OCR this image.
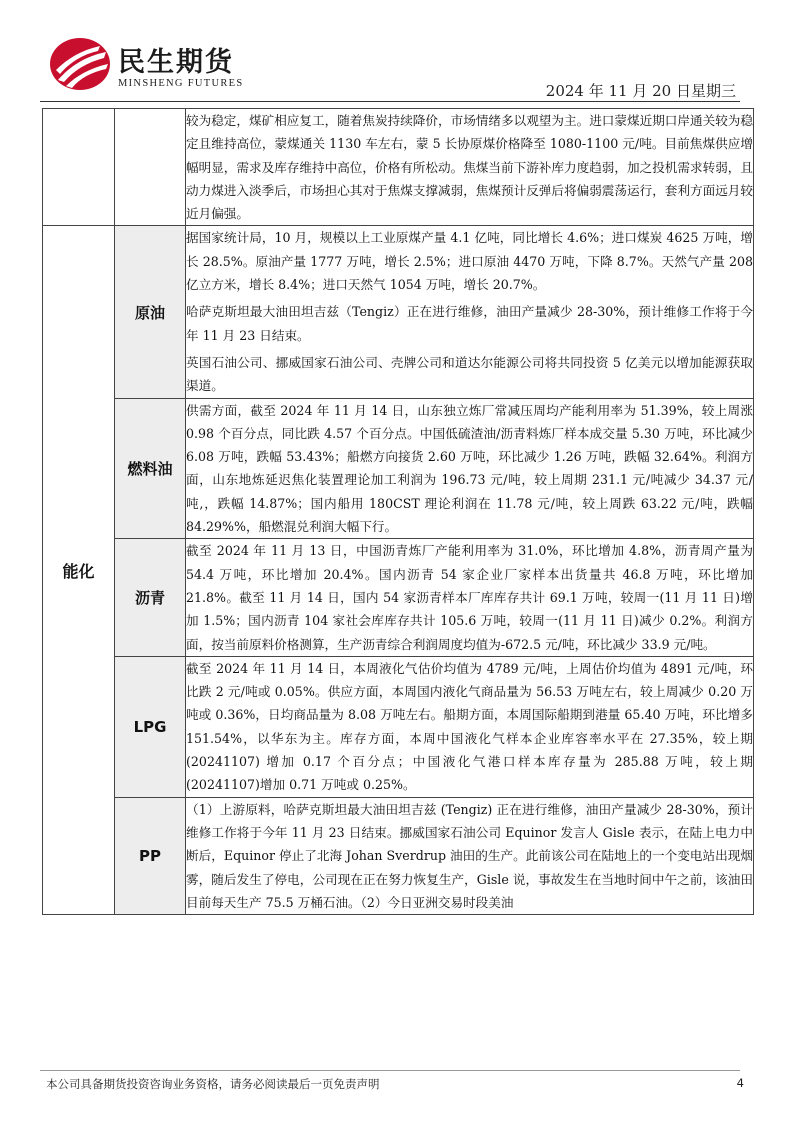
民生期货
MINSHENG FUTURES	2024 年 11 月 20 日星期三

		较为稳定，煤矿相应复工，随着焦炭持续降价，市场情绪多以观望为主。进口蒙煤近期口岸通关较为稳定且维持高位，蒙煤通关 1130 车左右，蒙 5 长协原煤价格降至 1080-1100 元/吨。目前焦煤供应增幅明显，需求及库存维持中高位，价格有所松动。焦煤当前下游补库力度趋弱，加之投机需求转弱，且动力煤进入淡季后，市场担心其对于焦煤支撑减弱，焦煤预计反弹后将偏弱震荡运行，套利方面远月较近月偏强。

能化	原油	据国家统计局，10 月，规模以上工业原煤产量 4.1 亿吨，同比增长 4.6%；进口煤炭 4625 万吨，增长 28.5%。原油产量 1777 万吨，增长 2.5%；进口原油 4470 万吨，下降 8.7%。天然气产量 208 亿立方米，增长 8.4%；进口天然气 1054 万吨，增长 20.7%。

哈萨克斯坦最大油田坦吉兹（Tengiz）正在进行维修，油田产量减少 28-30%，预计维修工作将于今年 11 月 23 日结束。

英国石油公司、挪威国家石油公司、壳牌公司和道达尔能源公司将共同投资 5 亿美元以增加能源获取渠道。

	燃料油	供需方面，截至 2024 年 11 月 14 日，山东独立炼厂常减压周均产能利用率为 51.39%，较上周涨 0.98 个百分点，同比跌 4.57 个百分点。中国低硫渣油/沥青料炼厂样本成交量 5.30 万吨，环比减少 6.08 万吨，跌幅 53.43%；船燃方向接货 2.60 万吨，环比减少 1.26 万吨，跌幅 32.64%。利润方面，山东地炼延迟焦化装置理论加工利润为 196.73 元/吨，较上周期 231.1 元/吨减少 34.37 元/吨,，跌幅 14.87%；国内船用 180CST 理论利润在 11.78 元/吨，较上周跌 63.22 元/吨，跌幅 84.29%%，船燃混兑利润大幅下行。

	沥青	截至 2024 年 11 月 13 日，中国沥青炼厂产能利用率为 31.0%，环比增加 4.8%，沥青周产量为 54.4 万吨，环比增加 20.4%。国内沥青 54 家企业厂家样本出货量共 46.8 万吨，环比增加 21.8%。截至 11 月 14 日，国内 54 家沥青样本厂库库存共计 69.1 万吨，较周一(11 月 11 日)增加 1.5%；国内沥青 104 家社会库库存共计 105.6 万吨，较周一(11 月 11 日)减少 0.2%。利润方面，按当前原料价格测算，生产沥青综合利润周度均值为-672.5 元/吨，环比减少 33.9 元/吨。

	LPG	截至 2024 年 11 月 14 日，本周液化气估价均值为 4789 元/吨，上周估价均值为 4891 元/吨，环比跌 2 元/吨或 0.05%。供应方面，本周国内液化气商品量为 56.53 万吨左右，较上周减少 0.20 万吨或 0.36%，日均商品量为 8.08 万吨左右。船期方面，本周国际船期到港量 65.40 万吨，环比增多 151.54%，以华东为主。库存方面，本周中国液化气样本企业库容率水平在 27.35%，较上期 (20241107) 增加 0.17 个百分点；中国液化气港口样本库存量为 285.88 万吨，较上期(20241107)增加 0.71 万吨或 0.25%。

	PP	（1）上游原料，哈萨克斯坦最大油田坦吉兹 (Tengiz) 正在进行维修，油田产量减少 28-30%，预计维修工作将于今年 11 月 23 日结束。挪威国家石油公司 Equinor 发言人 Gisle 表示，在陆上电力中断后，Equinor 停止了北海 Johan Sverdrup 油田的生产。此前该公司在陆地上的一个变电站出现烟雾，随后发生了停电，公司现在正在努力恢复生产，Gisle 说，事故发生在当地时间中午之前，该油田目前每天生产 75.5 万桶石油。（2）今日亚洲交易时段美油

本公司具备期货投资咨询业务资格，请务必阅读最后一页免责声明	4
